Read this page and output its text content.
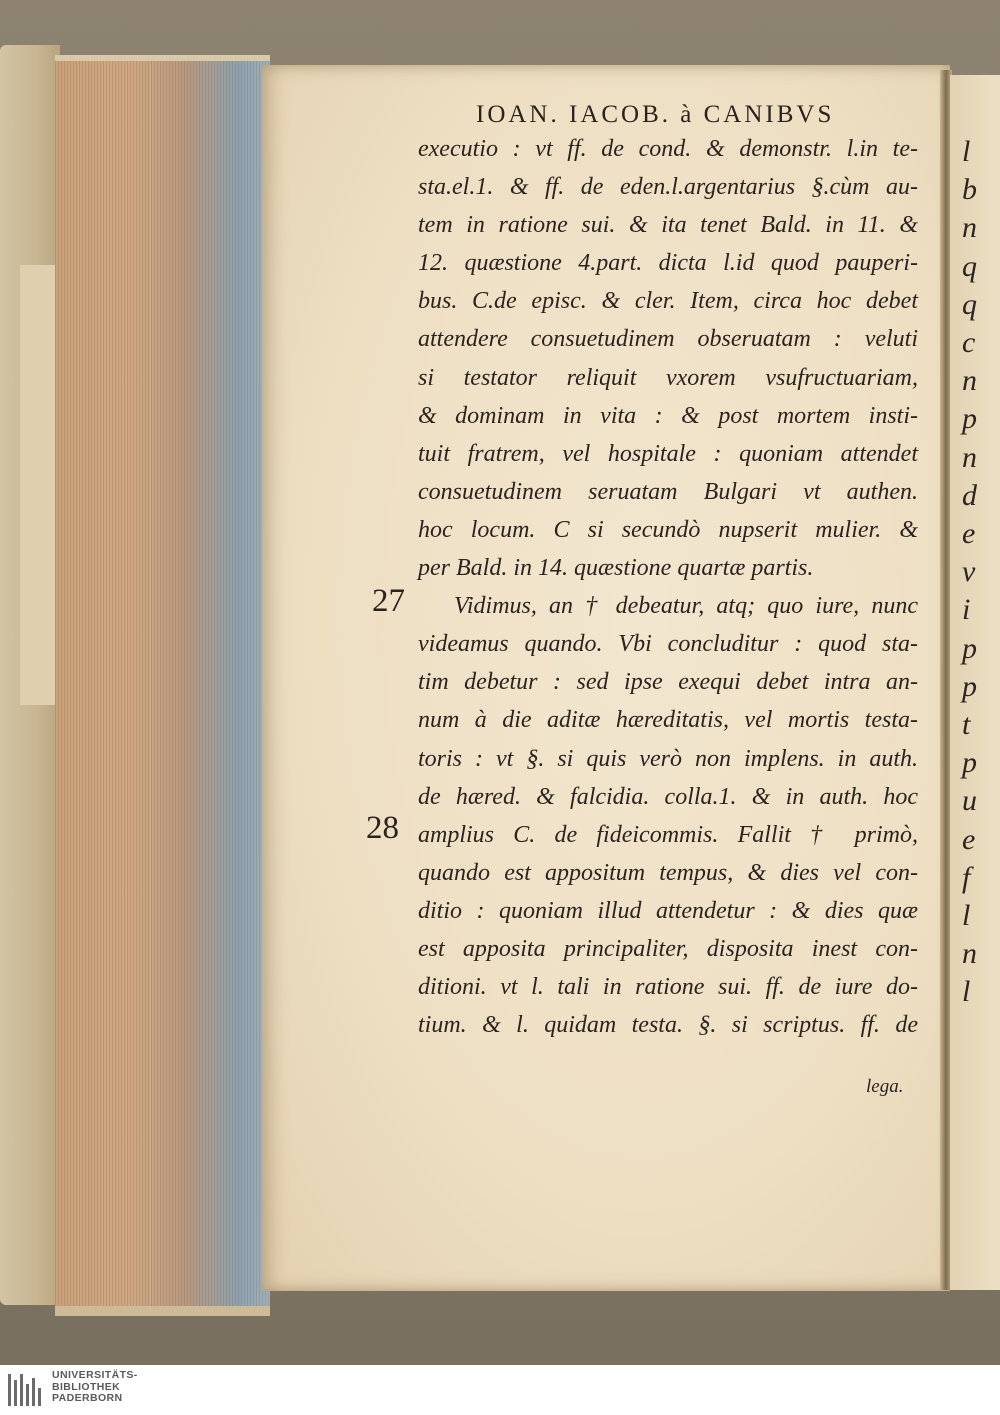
l
b
n
q
q
c
n
p
n
d
e
v
i
p
p
t
p
u
e
f
l
n
l
IOAN. IACOB. à CANIBVS
executio : vt ff. de cond. & demonstr. l.in te-
sta.el.1. & ff. de eden.l.argentarius §.cùm au-
tem in ratione sui. & ita tenet Bald. in 11. &
12. quæstione 4.part. dicta l.id quod pauperi-
bus. C.de episc. & cler. Item, circa hoc debet
attendere consuetudinem obseruatam : veluti
si testator reliquit vxorem vsufructuariam,
& dominam in vita : & post mortem insti-
tuit fratrem, vel hospitale : quoniam attendet
consuetudinem seruatam Bulgari vt authen.
hoc locum. C si secundò nupserit mulier. &
per Bald. in 14. quæstione quartæ partis.
Vidimus, an † debeatur, atq; quo iure, nunc
videamus quando. Vbi concluditur : quod sta-
tim debetur : sed ipse exequi debet intra an-
num à die aditæ hæreditatis, vel mortis testa-
toris : vt §. si quis verò non implens. in auth.
de hæred. & falcidia. colla.1. & in auth. hoc
amplius C. de fideicommis. Fallit † primò,
quando est appositum tempus, & dies vel con-
ditio : quoniam illud attendetur : & dies quæ
est apposita principaliter, disposita inest con-
ditioni. vt l. tali in ratione sui. ff. de iure do-
tium. & l. quidam testa. §. si scriptus. ff. de
27
28
lega.
UNIVERSITÄTS-
BIBLIOTHEK
PADERBORN
